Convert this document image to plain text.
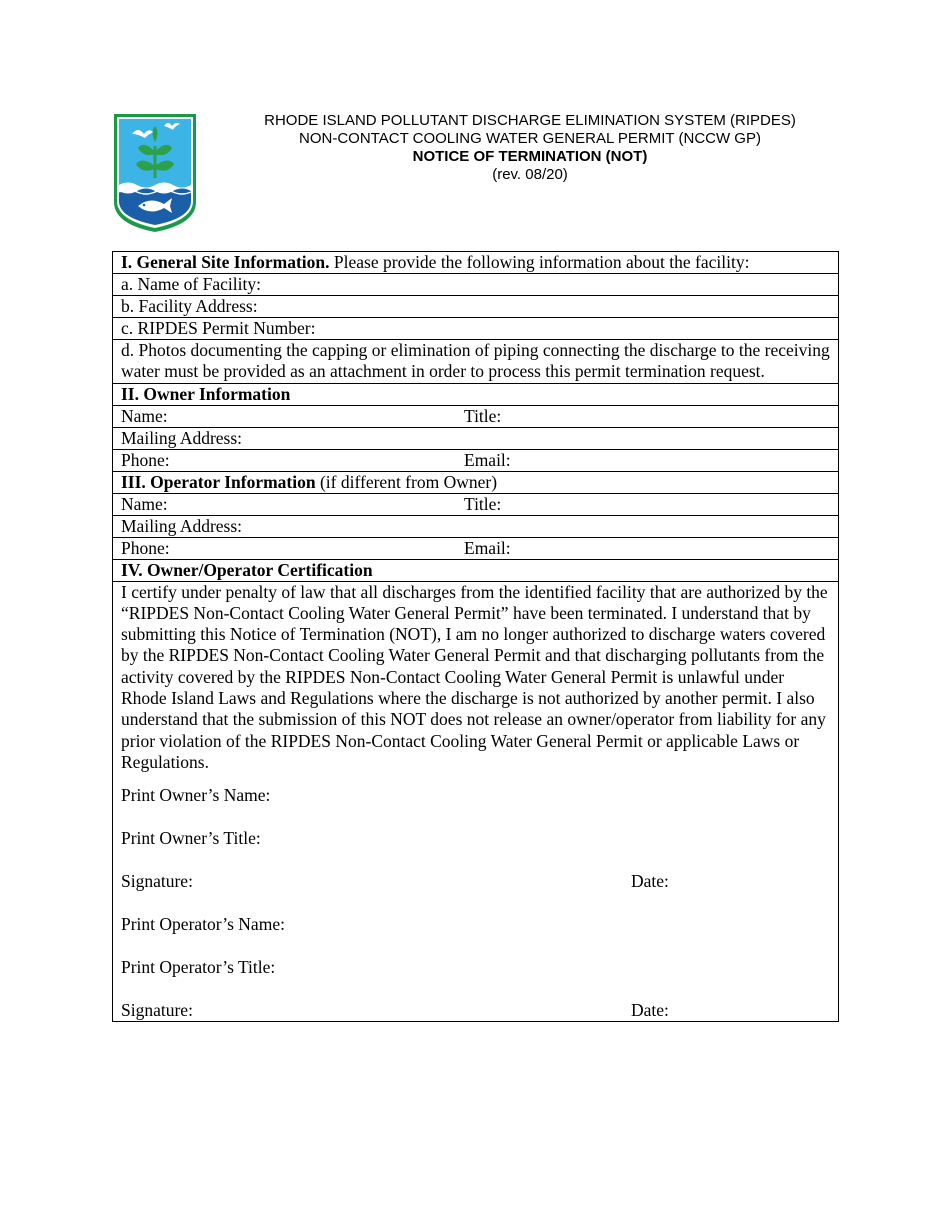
RHODE ISLAND POLLUTANT DISCHARGE ELIMINATION SYSTEM (RIPDES)
NON-CONTACT COOLING WATER GENERAL PERMIT (NCCW GP)
NOTICE OF TERMINATION (NOT)
(rev. 08/20)
I. General Site Information. Please provide the following information about the facility:
a. Name of Facility:
b. Facility Address:
c. RIPDES Permit Number:
d. Photos documenting the capping or elimination of piping connecting the discharge to the receiving water must be provided as an attachment in order to process this permit termination request.
II. Owner Information
Name:	Title:
Mailing Address:
Phone:	Email:
III. Operator Information (if different from Owner)
Name:	Title:
Mailing Address:
Phone:	Email:
IV. Owner/Operator Certification

I certify under penalty of law that all discharges from the identified facility that are authorized by the “RIPDES Non-Contact Cooling Water General Permit” have been terminated. I understand that by submitting this Notice of Termination (NOT), I am no longer authorized to discharge waters covered by the RIPDES Non-Contact Cooling Water General Permit and that discharging pollutants from the activity covered by the RIPDES Non-Contact Cooling Water General Permit is unlawful under Rhode Island Laws and Regulations where the discharge is not authorized by another permit. I also understand that the submission of this NOT does not release an owner/operator from liability for any prior violation of the RIPDES Non-Contact Cooling Water General Permit or applicable Laws or Regulations.

Print Owner’s Name:
Print Owner’s Title:
Signature:	Date:
Print Operator’s Name:
Print Operator’s Title:
Signature:	Date:
